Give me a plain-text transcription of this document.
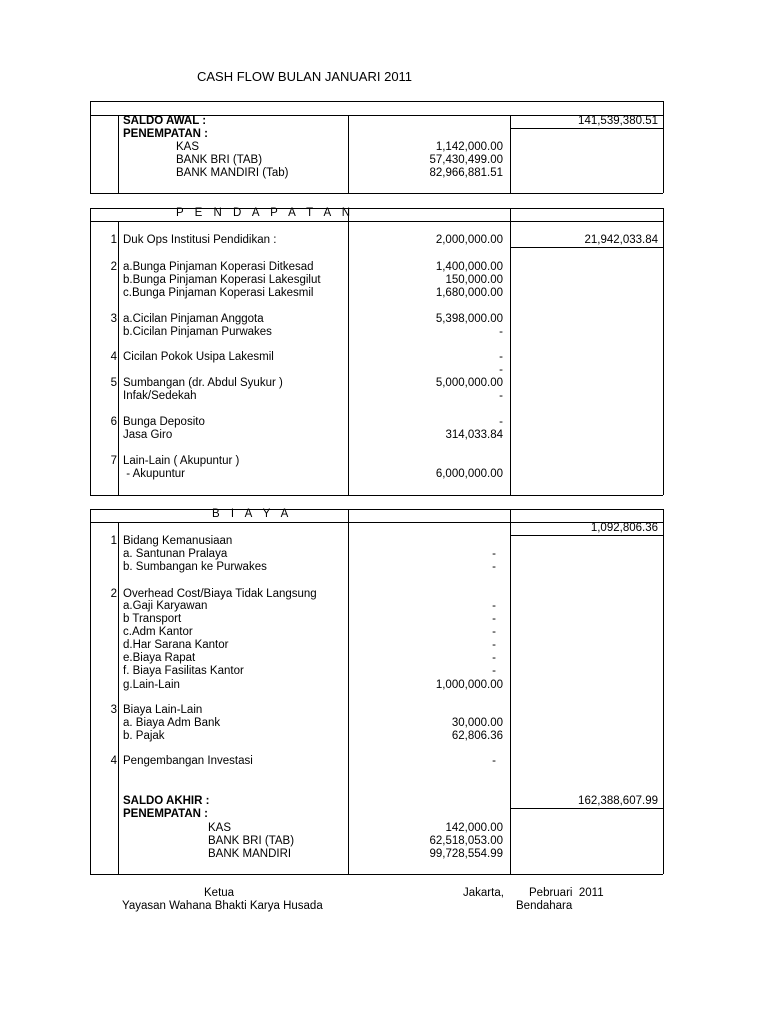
CASH FLOW BULAN JANUARI 2011
SALDO AWAL :	141,539,380.51
PENEMPATAN :
KAS	1,142,000.00
BANK BRI (TAB)	57,430,499.00
BANK MANDIRI (Tab)	82,966,881.51
P E N D A P A T A N
21,942,033.84
1 Duk Ops Institusi Pendidikan :	2,000,000.00
2 a.Bunga Pinjaman Koperasi Ditkesad	1,400,000.00
b.Bunga Pinjaman Koperasi Lakesgilut	150,000.00
c.Bunga Pinjaman Koperasi Lakesmil	1,680,000.00
3 a.Cicilan Pinjaman Anggota	5,398,000.00
b.Cicilan Pinjaman Purwakes	-
4 Cicilan Pokok Usipa Lakesmil	-
-
5 Sumbangan (dr. Abdul Syukur )	5,000,000.00
Infak/Sedekah	-
6 Bunga Deposito	-
Jasa Giro	314,033.84
7 Lain-Lain ( Akupuntur )
- Akupuntur	6,000,000.00
B I A Y A
1,092,806.36
1 Bidang Kemanusiaan
a. Santunan Pralaya	-
b. Sumbangan ke Purwakes	-
2 Overhead Cost/Biaya Tidak Langsung
a.Gaji Karyawan	-
b Transport	-
c.Adm Kantor	-
d.Har Sarana Kantor	-
e.Biaya Rapat	-
f. Biaya Fasilitas Kantor	-
g.Lain-Lain	1,000,000.00
3 Biaya Lain-Lain
a. Biaya Adm Bank	30,000.00
b. Pajak	62,806.36
4 Pengembangan Investasi	-
SALDO AKHIR :	162,388,607.99
PENEMPATAN :
KAS	142,000.00
BANK BRI (TAB)	62,518,053.00
BANK MANDIRI	99,728,554.99
Ketua
Yayasan Wahana Bhakti Karya Husada
Jakarta, Pebruari  2011
Bendahara
